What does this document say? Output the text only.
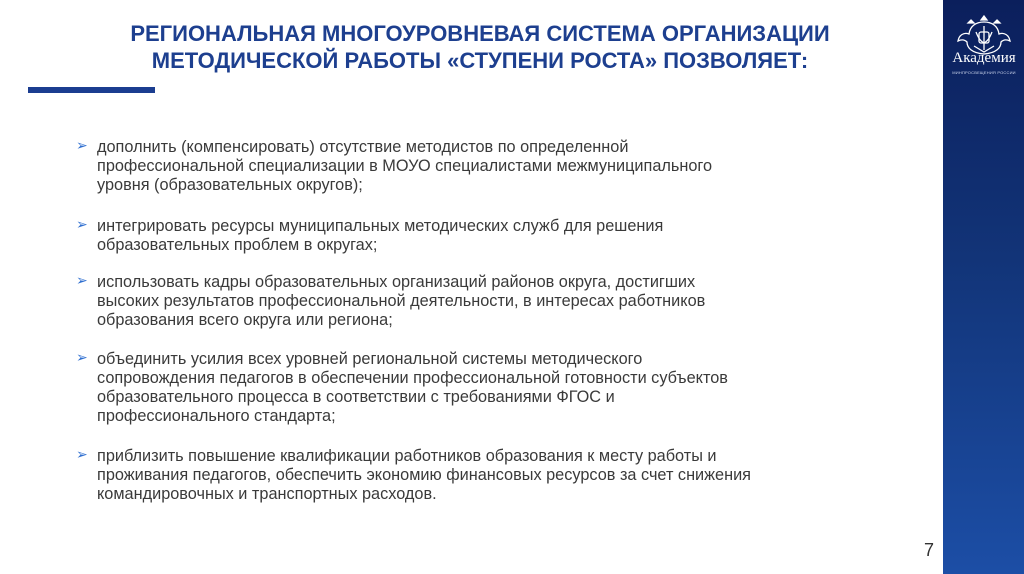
РЕГИОНАЛЬНАЯ МНОГОУРОВНЕВАЯ СИСТЕМА ОРГАНИЗАЦИИ
МЕТОДИЧЕСКОЙ РАБОТЫ «СТУПЕНИ РОСТА» ПОЗВОЛЯЕТ:	Академия
МИНПРОСВЕЩЕНИЯ РОССИИ
➢ дополнить (компенсировать) отсутствие методистов по определенной
профессиональной специализации в МОУО специалистами межмуниципального
уровня (образовательных округов);
➢ интегрировать ресурсы муниципальных методических служб для решения
образовательных проблем в округах;
➢ использовать кадры образовательных организаций районов округа, достигших
высоких результатов профессиональной деятельности, в интересах работников
образования всего округа или региона;
➢ объединить усилия всех уровней региональной системы методического
сопровождения педагогов в обеспечении профессиональной готовности субъектов
образовательного процесса в соответствии с требованиями ФГОС и
профессионального стандарта;
➢ приблизить повышение квалификации работников образования к месту работы и
проживания педагогов, обеспечить экономию финансовых ресурсов за счет снижения
командировочных и транспортных расходов.
7
